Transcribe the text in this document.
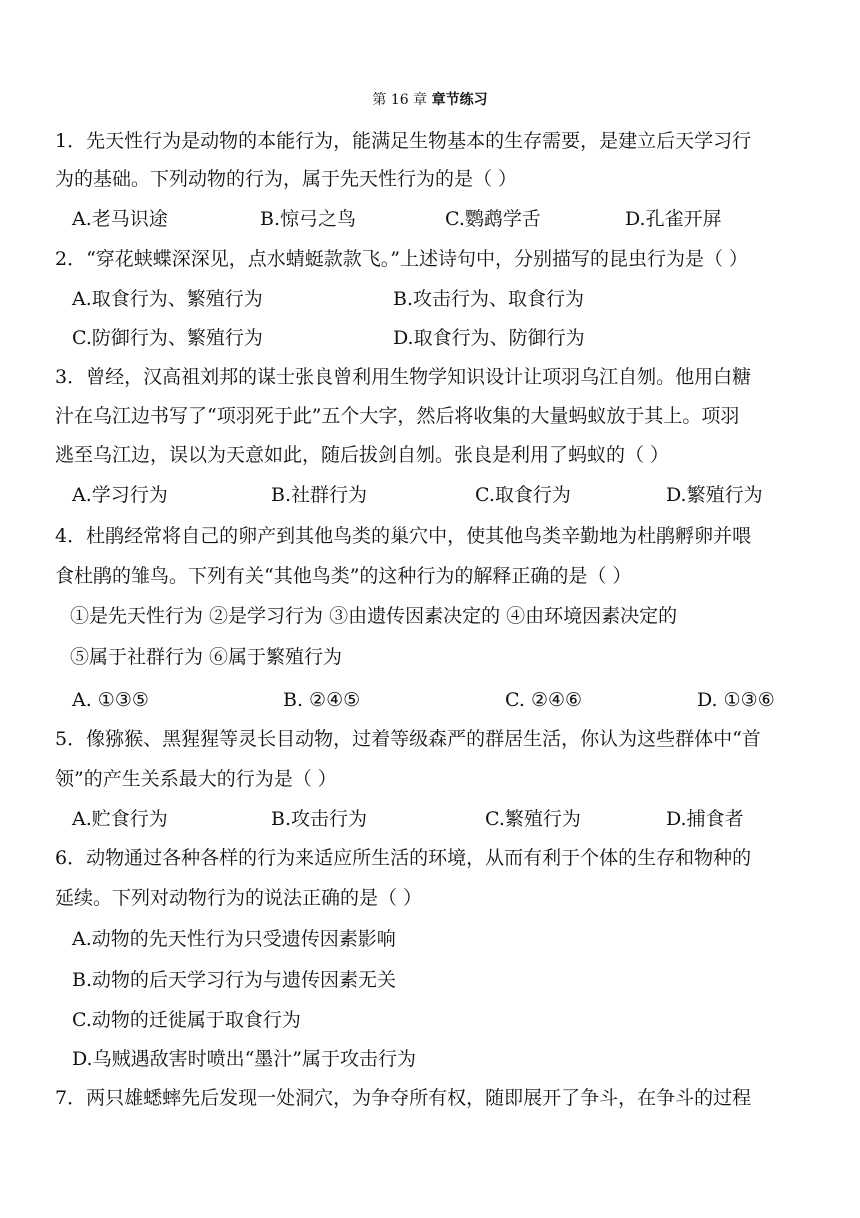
第 16 章 章节练习
1．先天性行为是动物的本能行为，能满足生物基本的生存需要，是建立后天学习行
为的基础。下列动物的行为，属于先天性行为的是（ ）
A.老马识途	B.惊弓之鸟	C.鹦鹉学舌	D.孔雀开屏
2．“穿花蛱蝶深深见，点水蜻蜓款款飞。”上述诗句中，分别描写的昆虫行为是（ ）
A.取食行为、繁殖行为	B.攻击行为、取食行为
C.防御行为、繁殖行为	D.取食行为、防御行为
3．曾经，汉高祖刘邦的谋士张良曾利用生物学知识设计让项羽乌江自刎。他用白糖
汁在乌江边书写了“项羽死于此”五个大字，然后将收集的大量蚂蚁放于其上。项羽
逃至乌江边，误以为天意如此，随后拔剑自刎。张良是利用了蚂蚁的（ ）
A.学习行为	B.社群行为	C.取食行为	D.繁殖行为
4．杜鹃经常将自己的卵产到其他鸟类的巢穴中，使其他鸟类辛勤地为杜鹃孵卵并喂
食杜鹃的雏鸟。下列有关“其他鸟类”的这种行为的解释正确的是（ ）
①是先天性行为 ②是学习行为 ③由遗传因素决定的 ④由环境因素决定的
⑤属于社群行为 ⑥属于繁殖行为
A. ①③⑤	B. ②④⑤	C. ②④⑥	D. ①③⑥
5．像猕猴、黑猩猩等灵长目动物，过着等级森严的群居生活，你认为这些群体中“首
领”的产生关系最大的行为是（ ）
A.贮食行为	B.攻击行为	C.繁殖行为	D.捕食者
6．动物通过各种各样的行为来适应所生活的环境，从而有利于个体的生存和物种的
延续。下列对动物行为的说法正确的是（ ）
A.动物的先天性行为只受遗传因素影响
B.动物的后天学习行为与遗传因素无关
C.动物的迁徙属于取食行为
D.乌贼遇敌害时喷出“墨汁”属于攻击行为
7．两只雄蟋蟀先后发现一处洞穴，为争夺所有权，随即展开了争斗，在争斗的过程
